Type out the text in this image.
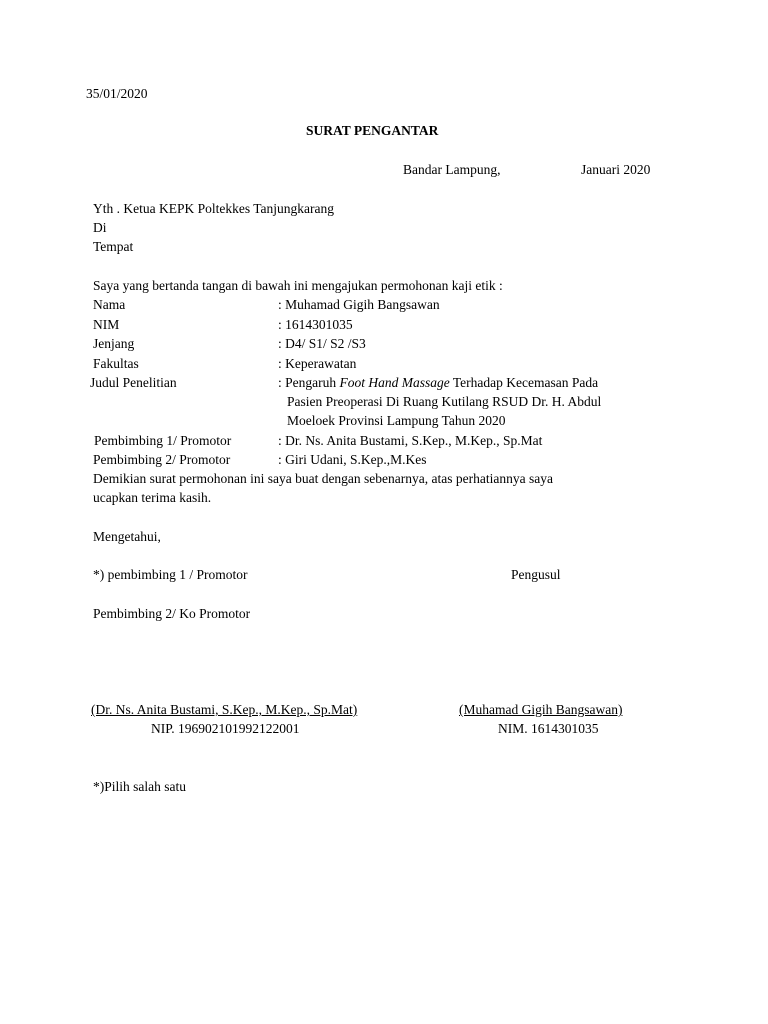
35/01/2020
SURAT PENGANTAR
Bandar Lampung,	Januari 2020
Yth . Ketua KEPK Poltekkes Tanjungkarang
Di
Tempat
Saya yang bertanda tangan di bawah ini mengajukan permohonan kaji etik :
Nama	: Muhamad Gigih Bangsawan
NIM	: 1614301035
Jenjang	: D4/ S1/ S2 /S3
Fakultas	: Keperawatan
Judul Penelitian	: Pengaruh Foot Hand Massage Terhadap Kecemasan Pada
Pasien Preoperasi Di Ruang Kutilang RSUD Dr. H. Abdul
Moeloek Provinsi Lampung Tahun 2020
Pembimbing 1/ Promotor	: Dr. Ns. Anita Bustami, S.Kep., M.Kep., Sp.Mat
Pembimbing 2/ Promotor	: Giri Udani, S.Kep.,M.Kes
Demikian surat permohonan ini saya buat dengan sebenarnya, atas perhatiannya saya
ucapkan terima kasih.
Mengetahui,
*) pembimbing 1 / Promotor	Pengusul
Pembimbing 2/ Ko Promotor
(Dr. Ns. Anita Bustami, S.Kep., M.Kep., Sp.Mat)	(Muhamad Gigih Bangsawan)
NIP. 196902101992122001	NIM. 1614301035
*)Pilih salah satu
